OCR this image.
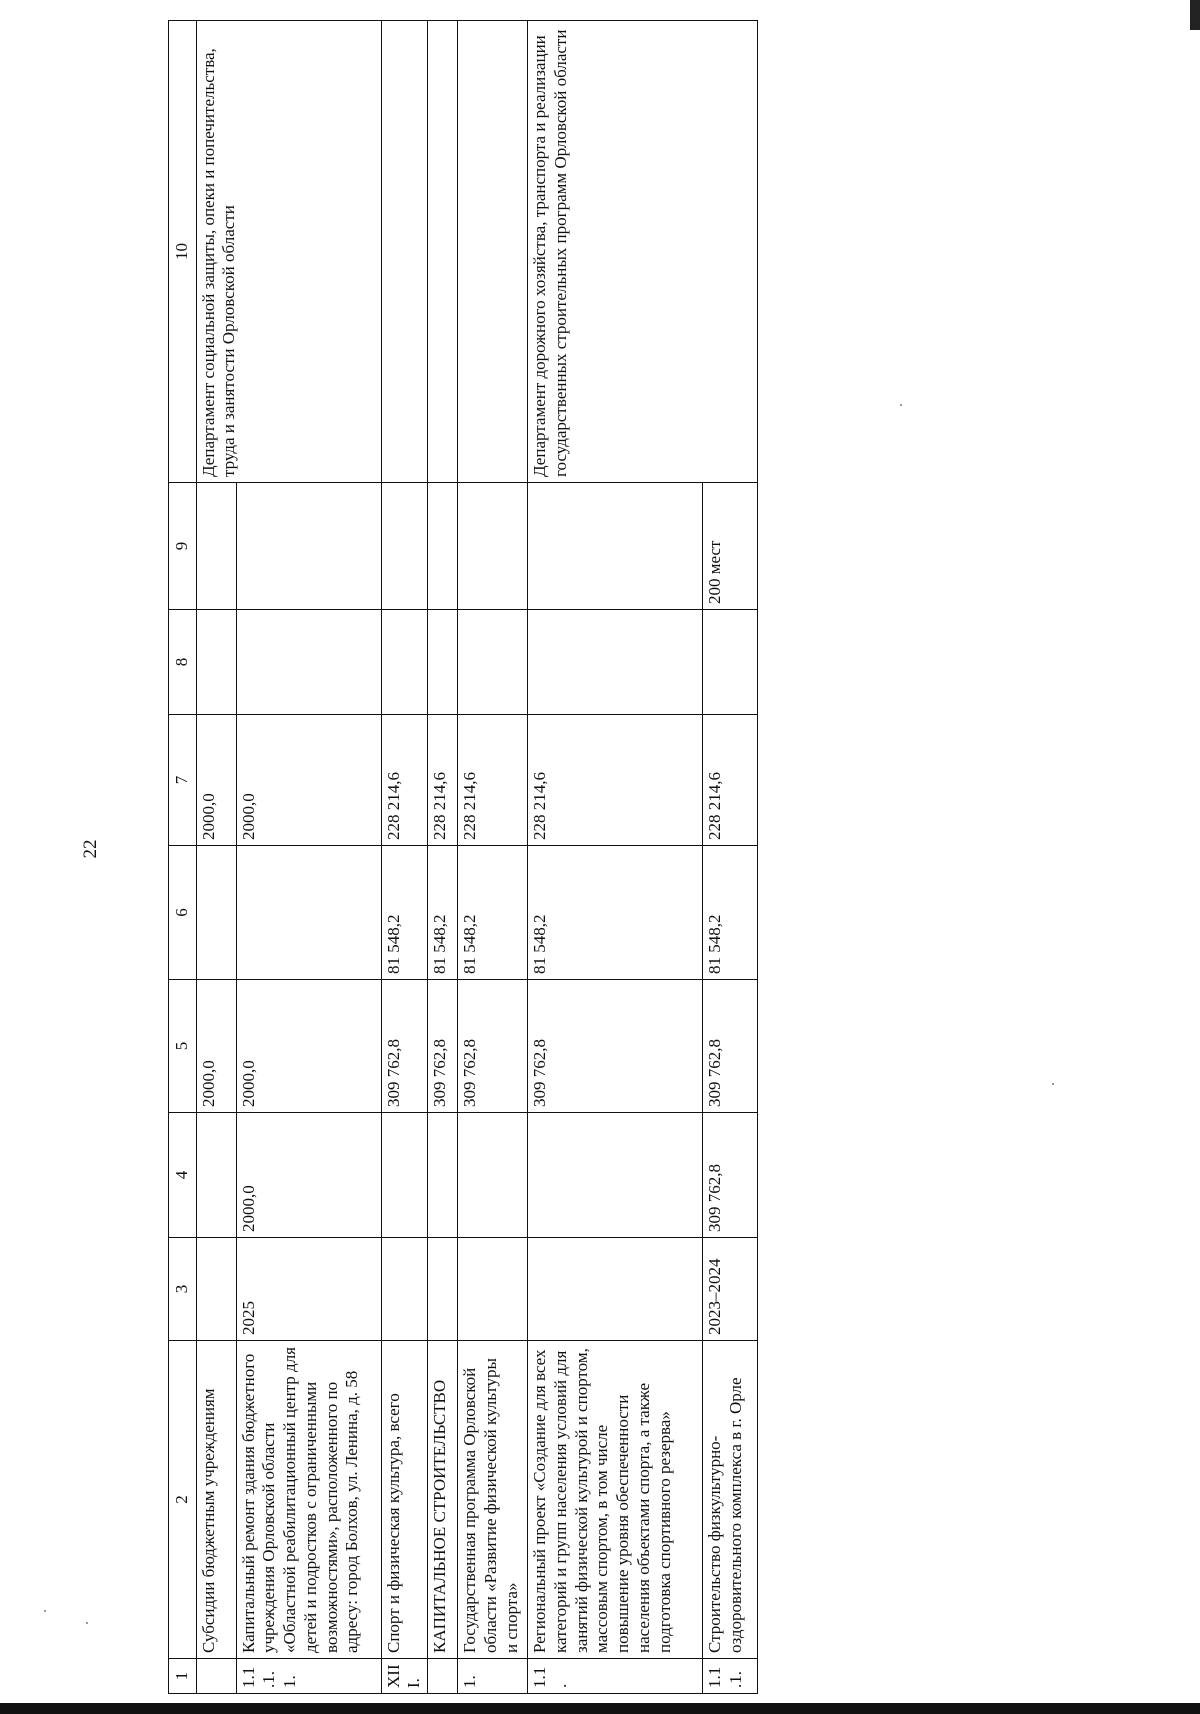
22
1	2	3	4	5	6	7	8	9	10
	Субсидии бюджетным учреждениям			2000,0		2000,0			Департамент социальной защиты, опеки и попечительства, труда и занятости Орловской области
1.1.1.1.	Капитальный ремонт здания бюджетного учреждения Орловской области «Областной реабилитационный центр для детей и подростков с ограниченными возможностями», расположенного по адресу: город Болхов, ул. Ленина, д. 58	2025	2000,0	2000,0		2000,0			
XIII.	Спорт и физическая культура, всего			309 762,8	81 548,2	228 214,6			
	КАПИТАЛЬНОЕ СТРОИТЕЛЬСТВО			309 762,8	81 548,2	228 214,6			
1.	Государственная программа Орловской области «Развитие физической культуры и спорта»			309 762,8	81 548,2	228 214,6			
1.1.	Региональный проект «Создание для всех категорий и групп населения условий для занятий физической культурой и спортом, массовым спортом, в том числе повышение уровня обеспеченности населения объектами спорта, а также подготовка спортивного резерва»			309 762,8	81 548,2	228 214,6			Департамент дорожного хозяйства, транспорта и реализации государственных строительных программ Орловской области
1.1.1.	Строительство физкультурно-оздоровительного комплекса в г. Орле	2023–2024	309 762,8	309 762,8	81 548,2	228 214,6		200 мест	
